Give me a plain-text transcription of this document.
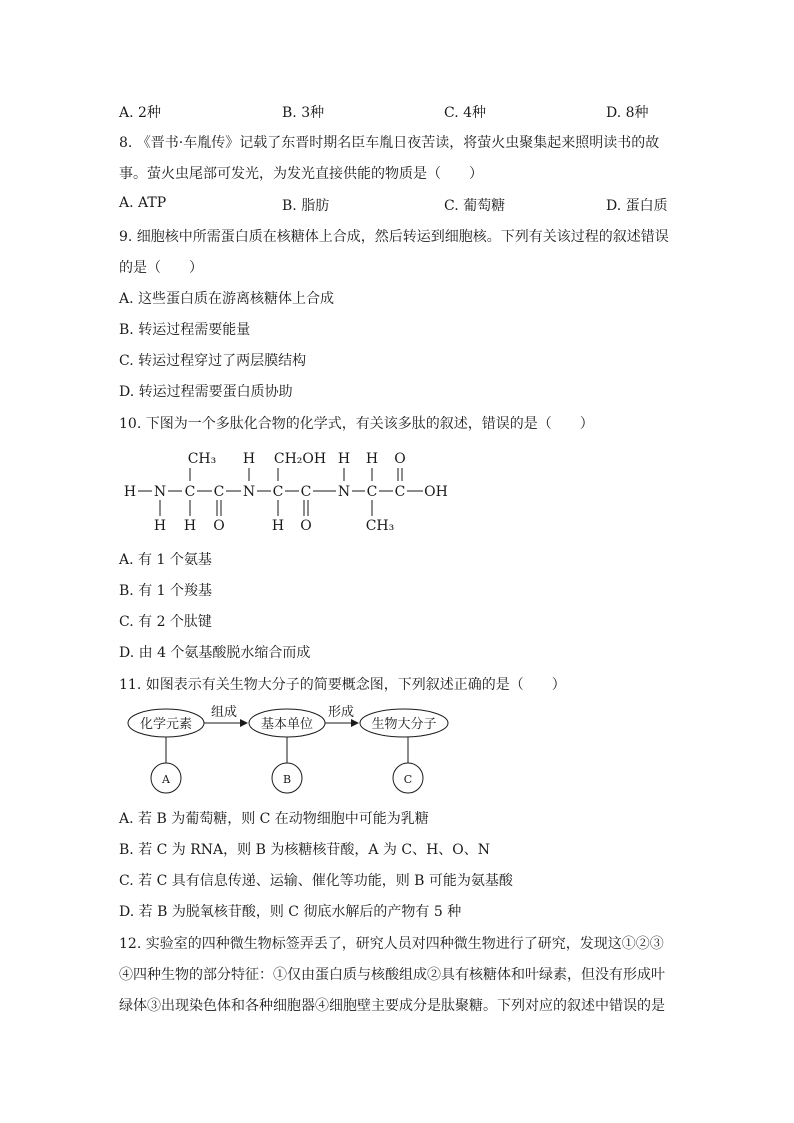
A. 2种	B. 3种	C. 4种	D. 8种
8. 《晋书·车胤传》记载了东晋时期名臣车胤日夜苦读，将萤火虫聚集起来照明读书的故
事。萤火虫尾部可发光，为发光直接供能的物质是（　　）
A. ATP	B. 脂肪	C. 葡萄糖	D. 蛋白质
9. 细胞核中所需蛋白质在核糖体上合成，然后转运到细胞核。下列有关该过程的叙述错误
的是（　　）
A. 这些蛋白质在游离核糖体上合成
B. 转运过程需要能量
C. 转运过程穿过了两层膜结构
D. 转运过程需要蛋白质协助
10. 下图为一个多肽化合物的化学式，有关该多肽的叙述，错误的是（　　）
H N C C N C C N C C OH
CH₃ H CH₂OH H H O
H H O	H O	CH₃
A. 有 1 个氨基
B. 有 1 个羧基
C. 有 2 个肽键
D. 由 4 个氨基酸脱水缩合而成
11. 如图表示有关生物大分子的简要概念图，下列叙述正确的是（　　）
化学元素	基本单位	生物大分子
组成	形成
A	B	C
A. 若 B 为葡萄糖，则 C 在动物细胞中可能为乳糖
B. 若 C 为 RNA，则 B 为核糖核苷酸，A 为 C、H、O、N
C. 若 C 具有信息传递、运输、催化等功能，则 B 可能为氨基酸
D. 若 B 为脱氧核苷酸，则 C 彻底水解后的产物有 5 种
12. 实验室的四种微生物标签弄丢了，研究人员对四种微生物进行了研究，发现这①②③
④四种生物的部分特征：①仅由蛋白质与核酸组成②具有核糖体和叶绿素，但没有形成叶
绿体③出现染色体和各种细胞器④细胞壁主要成分是肽聚糖。下列对应的叙述中错误的是
